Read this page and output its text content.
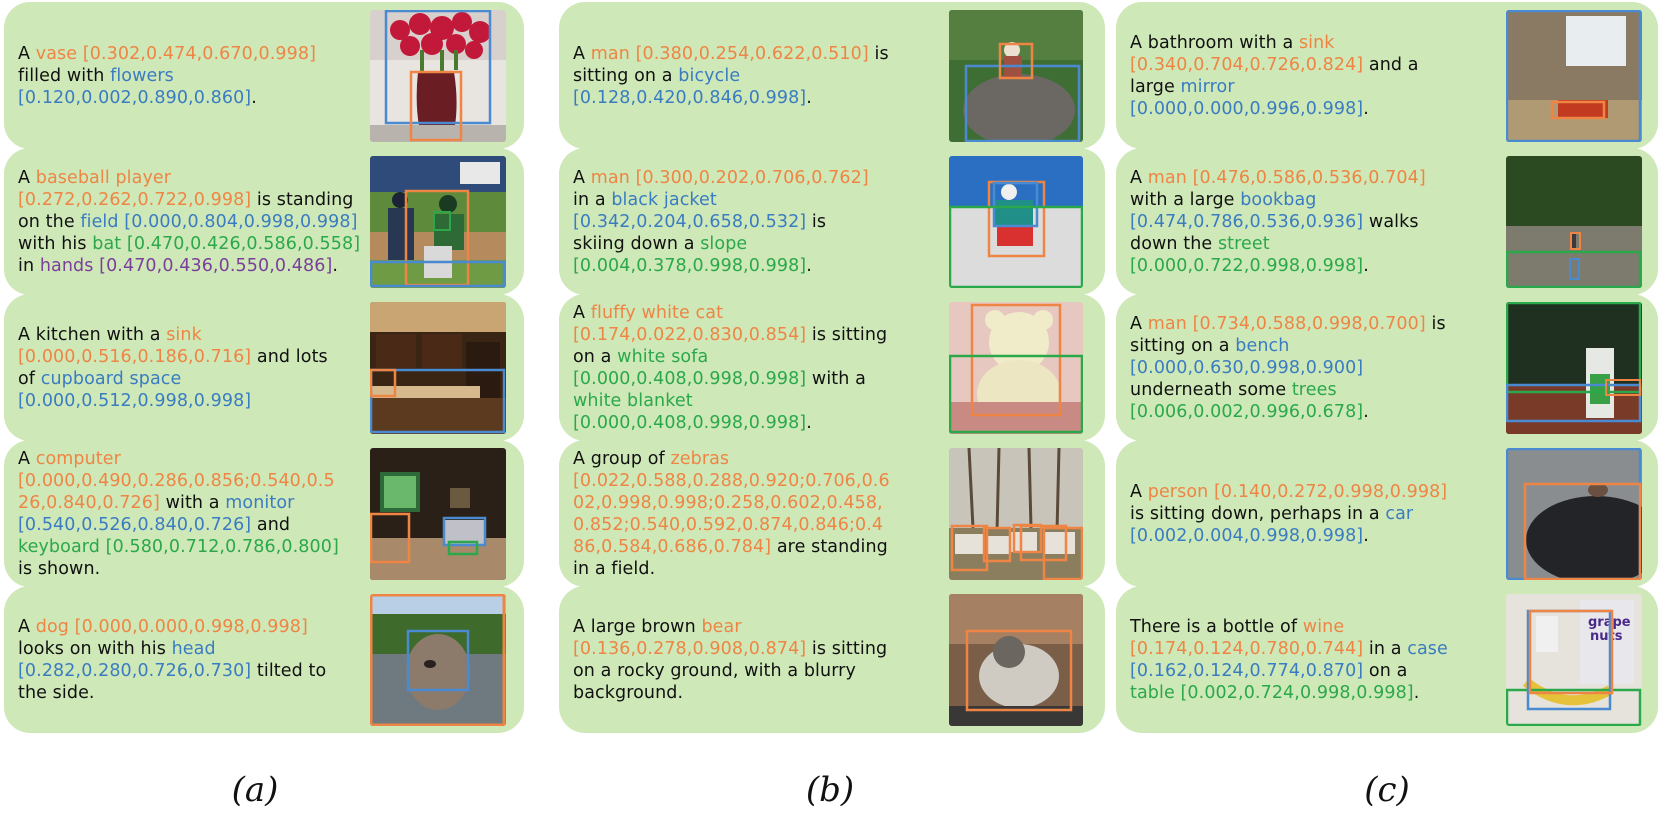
A vase [0.302,0.474,0.670,0.998]
filled with flowers
[0.120,0.002,0.890,0.860].

A baseball player
[0.272,0.262,0.722,0.998] is standing
on the field [0.000,0.804,0.998,0.998]
with his bat [0.470,0.426,0.586,0.558]
in hands [0.470,0.436,0.550,0.486].

A kitchen with a sink
[0.000,0.516,0.186,0.716] and lots
of cupboard space
[0.000,0.512,0.998,0.998]

A computer
[0.000,0.490,0.286,0.856;0.540,0.5
26,0.840,0.726] with a monitor
[0.540,0.526,0.840,0.726] and
keyboard [0.580,0.712,0.786,0.800]
is shown.

A dog [0.000,0.000,0.998,0.998]
looks on with his head
[0.282,0.280,0.726,0.730] tilted to
the side.

A man [0.380,0.254,0.622,0.510] is
sitting on a bicycle
[0.128,0.420,0.846,0.998].

A man [0.300,0.202,0.706,0.762]
in a black jacket
[0.342,0.204,0.658,0.532] is
skiing down a slope
[0.004,0.378,0.998,0.998].

A fluffy white cat
[0.174,0.022,0.830,0.854] is sitting
on a white sofa
[0.000,0.408,0.998,0.998] with a
white blanket
[0.000,0.408,0.998,0.998].

A group of zebras
[0.022,0.588,0.288,0.920;0.706,0.6
02,0.998,0.998;0.258,0.602,0.458,
0.852;0.540,0.592,0.874,0.846;0.4
86,0.584,0.686,0.784] are standing
in a field.

A large brown bear
[0.136,0.278,0.908,0.874] is sitting
on a rocky ground, with a blurry
background.

A bathroom with a sink
[0.340,0.704,0.726,0.824] and a
large mirror
[0.000,0.000,0.996,0.998].

A man [0.476,0.586,0.536,0.704]
with a large bookbag
[0.474,0.786,0.536,0.936] walks
down the street
[0.000,0.722,0.998,0.998].

A man [0.734,0.588,0.998,0.700] is
sitting on a bench
[0.000,0.630,0.998,0.900]
underneath some trees
[0.006,0.002,0.996,0.678].

A person [0.140,0.272,0.998,0.998]
is sitting down, perhaps in a car
[0.002,0.004,0.998,0.998].

There is a bottle of wine
[0.174,0.124,0.780,0.744] in a case
[0.162,0.124,0.774,0.870] on a
table [0.002,0.724,0.998,0.998].

grape nuts
(a)	(b)	(c)
